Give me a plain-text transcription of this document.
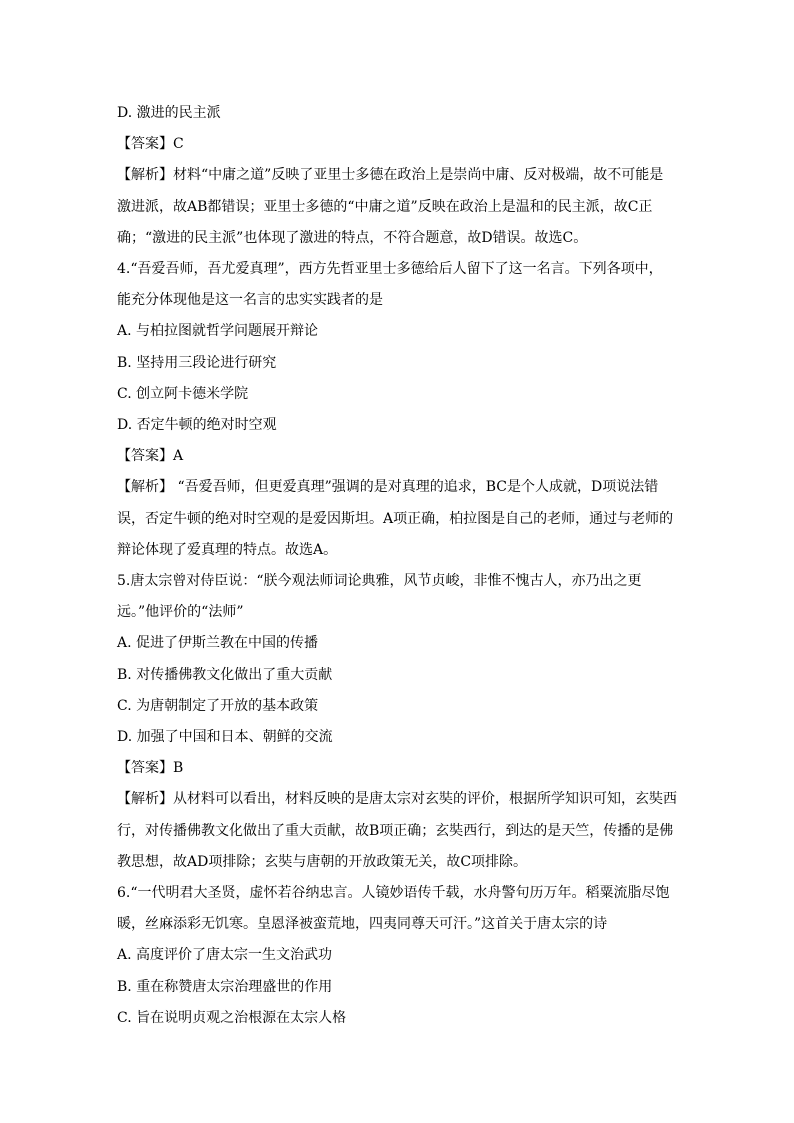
D. 激进的民主派

【答案】C

【解析】材料“中庸之道”反映了亚里士多德在政治上是崇尚中庸、反对极端，故不可能是

激进派，故AB都错误；亚里士多德的“中庸之道”反映在政治上是温和的民主派，故C正

确；“激进的民主派”也体现了激进的特点，不符合题意，故D错误。故选C。

4.“吾爱吾师，吾尤爱真理”，西方先哲亚里士多德给后人留下了这一名言。下列各项中，

能充分体现他是这一名言的忠实实践者的是

A. 与柏拉图就哲学问题展开辩论

B. 坚持用三段论进行研究

C. 创立阿卡德米学院

D. 否定牛顿的绝对时空观

【答案】A

【解析】 “吾爱吾师，但更爱真理”强调的是对真理的追求，BC是个人成就，D项说法错

误，否定牛顿的绝对时空观的是爱因斯坦。A项正确，柏拉图是自己的老师，通过与老师的

辩论体现了爱真理的特点。故选A。

5.唐太宗曾对侍臣说：“朕今观法师词论典雅，风节贞峻，非惟不愧古人，亦乃出之更

远。”他评价的“法师”

A. 促进了伊斯兰教在中国的传播

B. 对传播佛教文化做出了重大贡献

C. 为唐朝制定了开放的基本政策

D. 加强了中国和日本、朝鲜的交流

【答案】B

【解析】从材料可以看出，材料反映的是唐太宗对玄奘的评价，根据所学知识可知，玄奘西

行，对传播佛教文化做出了重大贡献，故B项正确；玄奘西行，到达的是天竺，传播的是佛

教思想，故AD项排除；玄奘与唐朝的开放政策无关，故C项排除。

6.“一代明君大圣贤，虚怀若谷纳忠言。人镜妙语传千载，水舟警句历万年。稻粟流脂尽饱

暖，丝麻添彩无饥寒。皇恩泽被蛮荒地，四夷同尊天可汗。”这首关于唐太宗的诗

A. 高度评价了唐太宗一生文治武功

B. 重在称赞唐太宗治理盛世的作用

C. 旨在说明贞观之治根源在太宗人格
